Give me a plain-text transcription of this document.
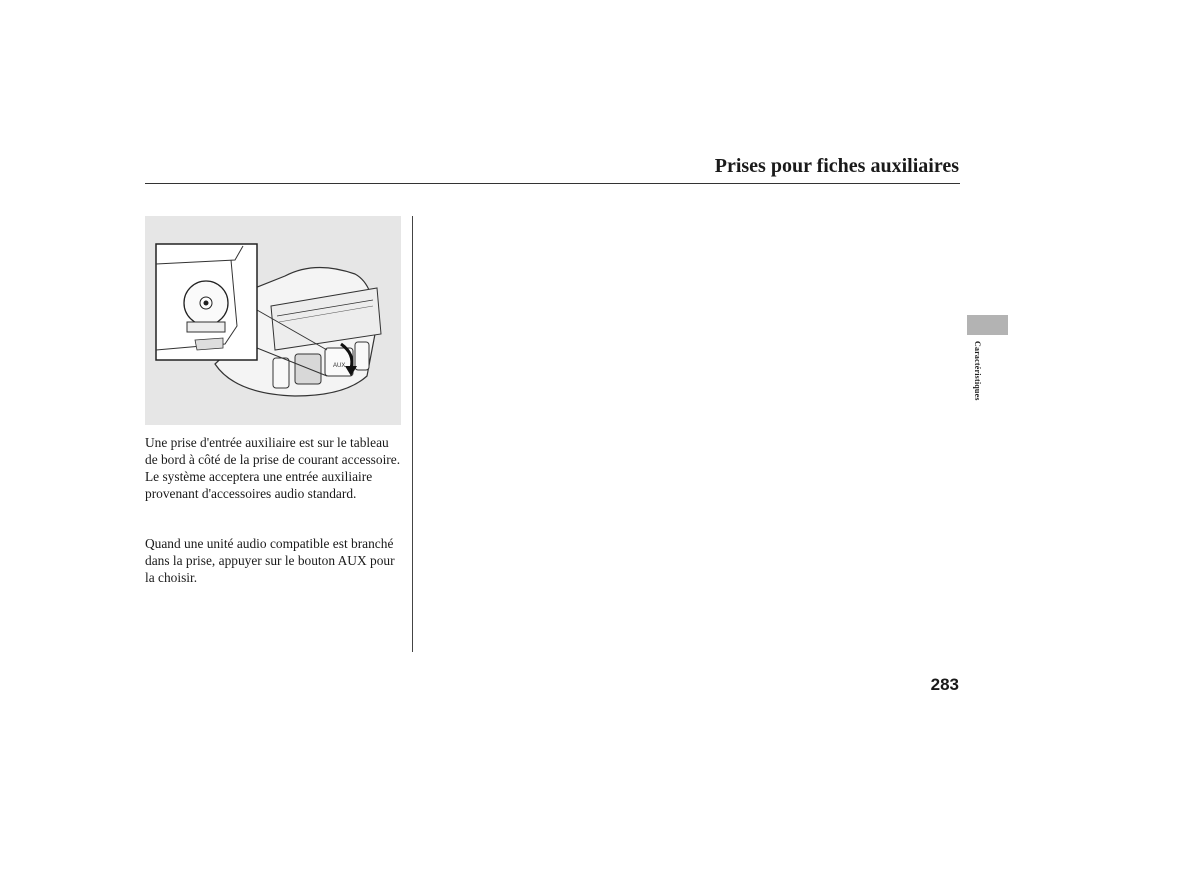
Prises pour fiches auxiliaires
AUX
Une prise d'entrée auxiliaire est sur le tableau de bord à côté de la prise de courant accessoire. Le système acceptera une entrée auxiliaire provenant d'accessoires audio standard.
Quand une unité audio compatible est branché dans la prise, appuyer sur le bouton AUX pour la choisir.
Caractéristiques
283
